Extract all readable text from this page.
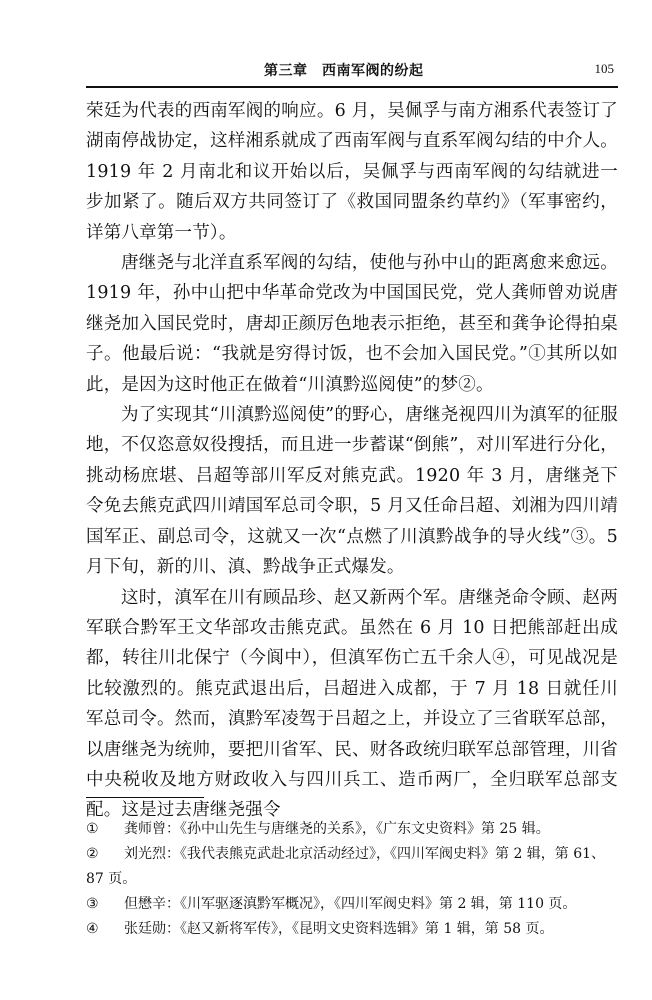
第三章　西南军阀的纷起	105

荣廷为代表的西南军阀的响应。6 月，吴佩孚与南方湘系代表签订了湖南停战协定，这样湘系就成了西南军阀与直系军阀勾结的中介人。1919 年 2 月南北和议开始以后，吴佩孚与西南军阀的勾结就进一步加紧了。随后双方共同签订了《救国同盟条约草约》（军事密约，详第八章第一节）。

唐继尧与北洋直系军阀的勾结，使他与孙中山的距离愈来愈远。1919 年，孙中山把中华革命党改为中国国民党，党人龚师曾劝说唐继尧加入国民党时，唐却正颜厉色地表示拒绝，甚至和龚争论得拍桌子。他最后说：“我就是穷得讨饭，也不会加入国民党。”①其所以如此，是因为这时他正在做着“川滇黔巡阅使”的梦②。

为了实现其“川滇黔巡阅使”的野心，唐继尧视四川为滇军的征服地，不仅恣意奴役搜括，而且进一步蓄谋“倒熊”，对川军进行分化，挑动杨庶堪、吕超等部川军反对熊克武。1920 年 3 月，唐继尧下令免去熊克武四川靖国军总司令职，5 月又任命吕超、刘湘为四川靖国军正、副总司令，这就又一次“点燃了川滇黔战争的导火线”③。5 月下旬，新的川、滇、黔战争正式爆发。

这时，滇军在川有顾品珍、赵又新两个军。唐继尧命令顾、赵两军联合黔军王文华部攻击熊克武。虽然在 6 月 10 日把熊部赶出成都，转往川北保宁（今阆中），但滇军伤亡五千余人④，可见战况是比较激烈的。熊克武退出后，吕超进入成都，于 7 月 18 日就任川军总司令。然而，滇黔军凌驾于吕超之上，并设立了三省联军总部，以唐继尧为统帅，要把川省军、民、财各政统归联军总部管理，川省中央税收及地方财政收入与四川兵工、造币两厂，全归联军总部支配。这是过去唐继尧强令

①	龚师曾：《孙中山先生与唐继尧的关系》，《广东文史资料》第 25 辑。
②	刘光烈：《我代表熊克武赴北京活动经过》，《四川军阀史料》第 2 辑，第 61、
87 页。
③	但懋辛：《川军驱逐滇黔军概况》，《四川军阀史料》第 2 辑，第 110 页。
④	张廷勋：《赵又新将军传》，《昆明文史资料选辑》第 1 辑，第 58 页。
